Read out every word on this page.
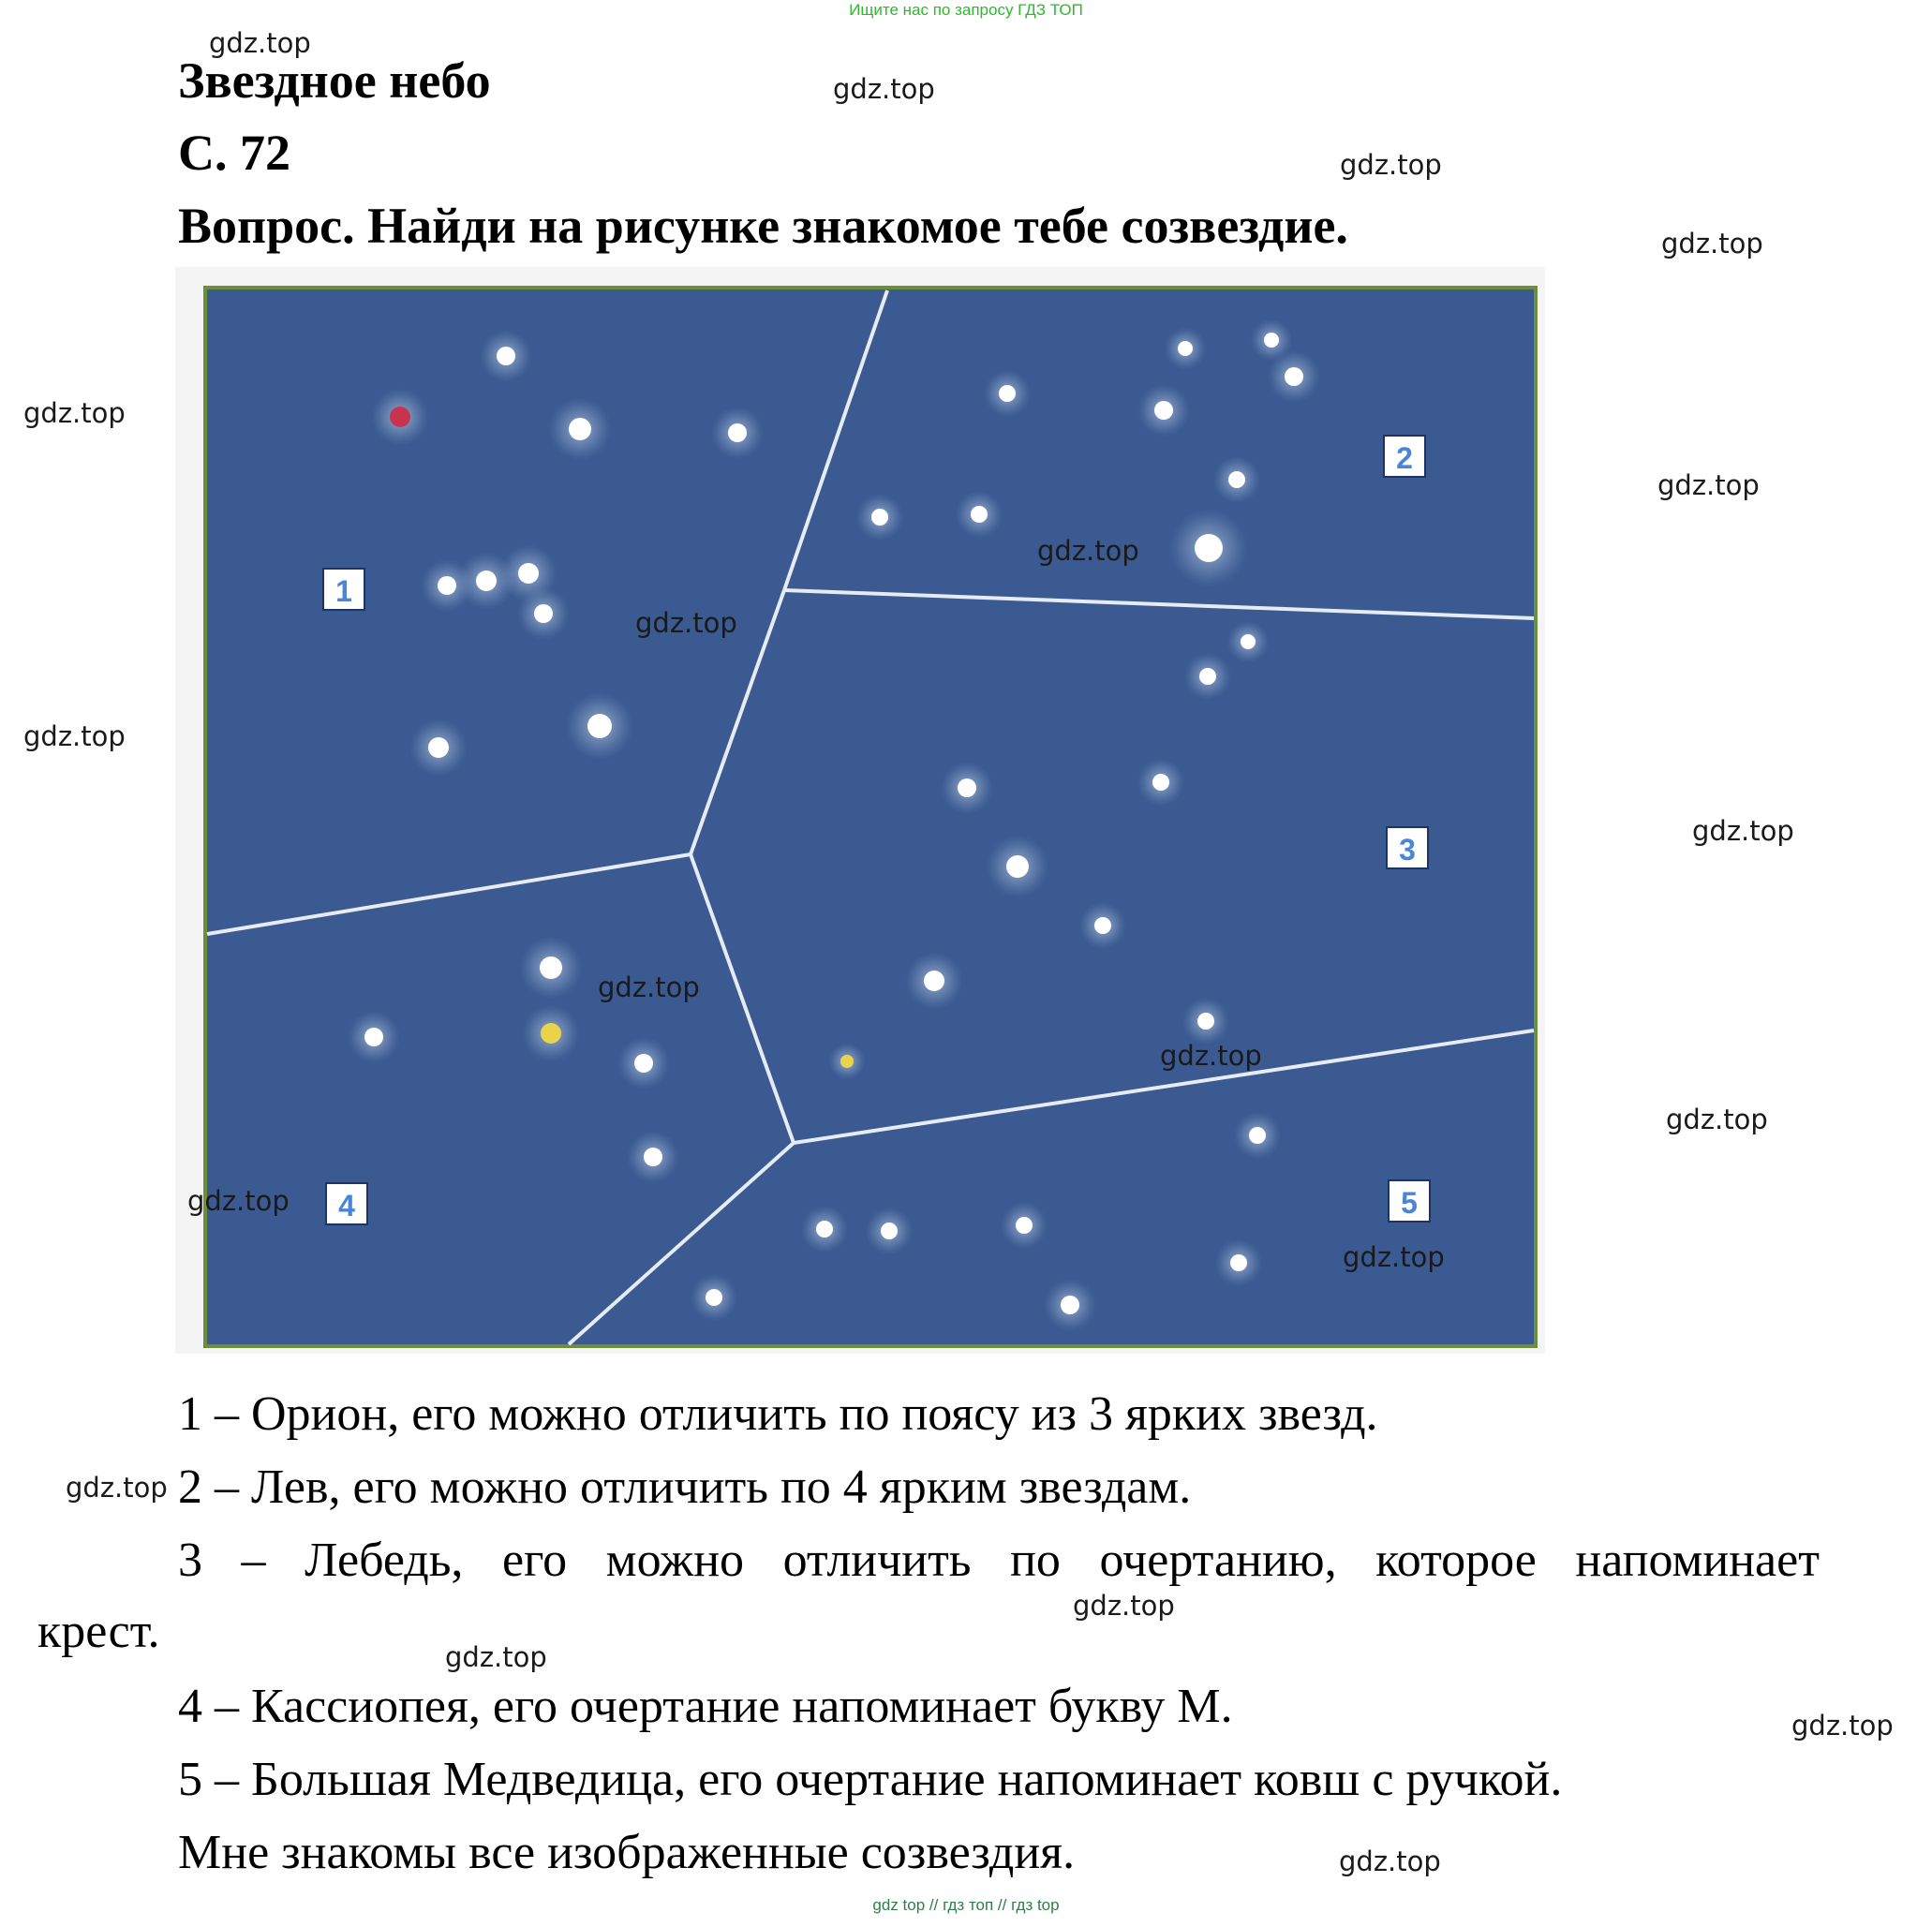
Ищите нас по запросу ГДЗ ТОП
Звездное небо
С. 72
Вопрос. Найди на рисунке знакомое тебе созвездие.
1
2
3
4	5
1 – Орион, его можно отличить по поясу из 3 ярких звезд.
2 – Лев, его можно отличить по 4 ярким звездам.
3 – Лебедь, его можно отличить по очертанию, которое напоминает
крест.
4 – Кассиопея, его очертание напоминает букву М.
5 – Большая Медведица, его очертание напоминает ковш с ручкой.
Мне знакомы все изображенные созвездия.
gdz.top
gdz.top
gdz.top
gdz.top
gdz.top
gdz.top
gdz.top
gdz.top
gdz.top
gdz.top
gdz.top
gdz.top
gdz.top
gdz.top
gdz.top
gdz.top
gdz.top
gdz.top
gdz.top
gdz.top
gdz top // гдз топ // гдз top
